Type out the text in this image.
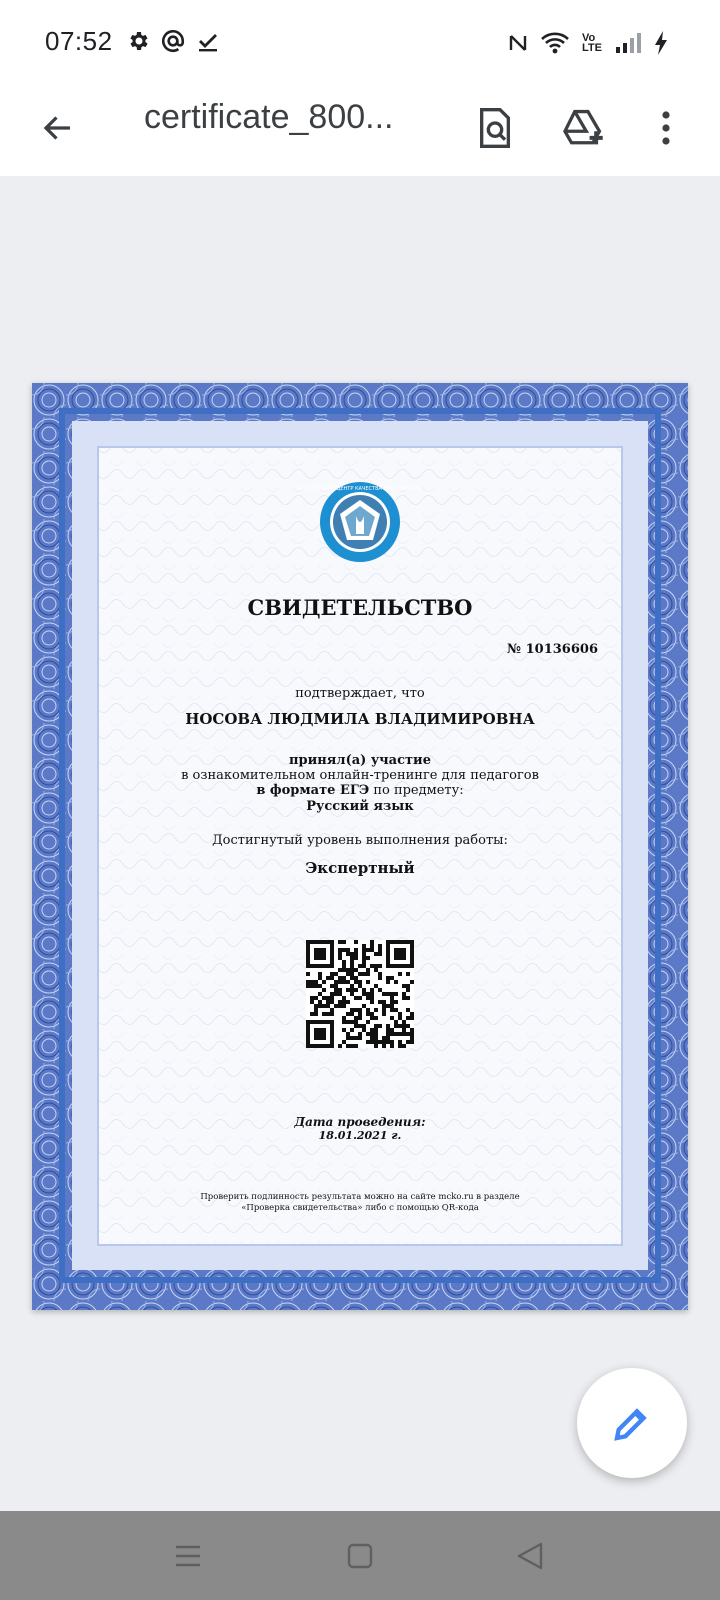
07:52	Vo
LTE
certificate_800...
МОСКОВСКИЙ ЦЕНТР КАЧЕСТВА ОБРАЗОВАНИЯ
СВИДЕТЕЛЬСТВО
№ 10136606
подтверждает, что
НОСОВА ЛЮДМИЛА ВЛАДИМИРОВНА
принял(а) участие
в ознакомительном онлайн-тренинге для педагогов
в формате ЕГЭ по предмету:
Русский язык
Достигнутый уровень выполнения работы:
Экспертный
Дата проведения:
18.01.2021 г.
Проверить подлинность результата можно на сайте mcko.ru в разделе
«Проверка свидетельства» либо с помощью QR-кода
